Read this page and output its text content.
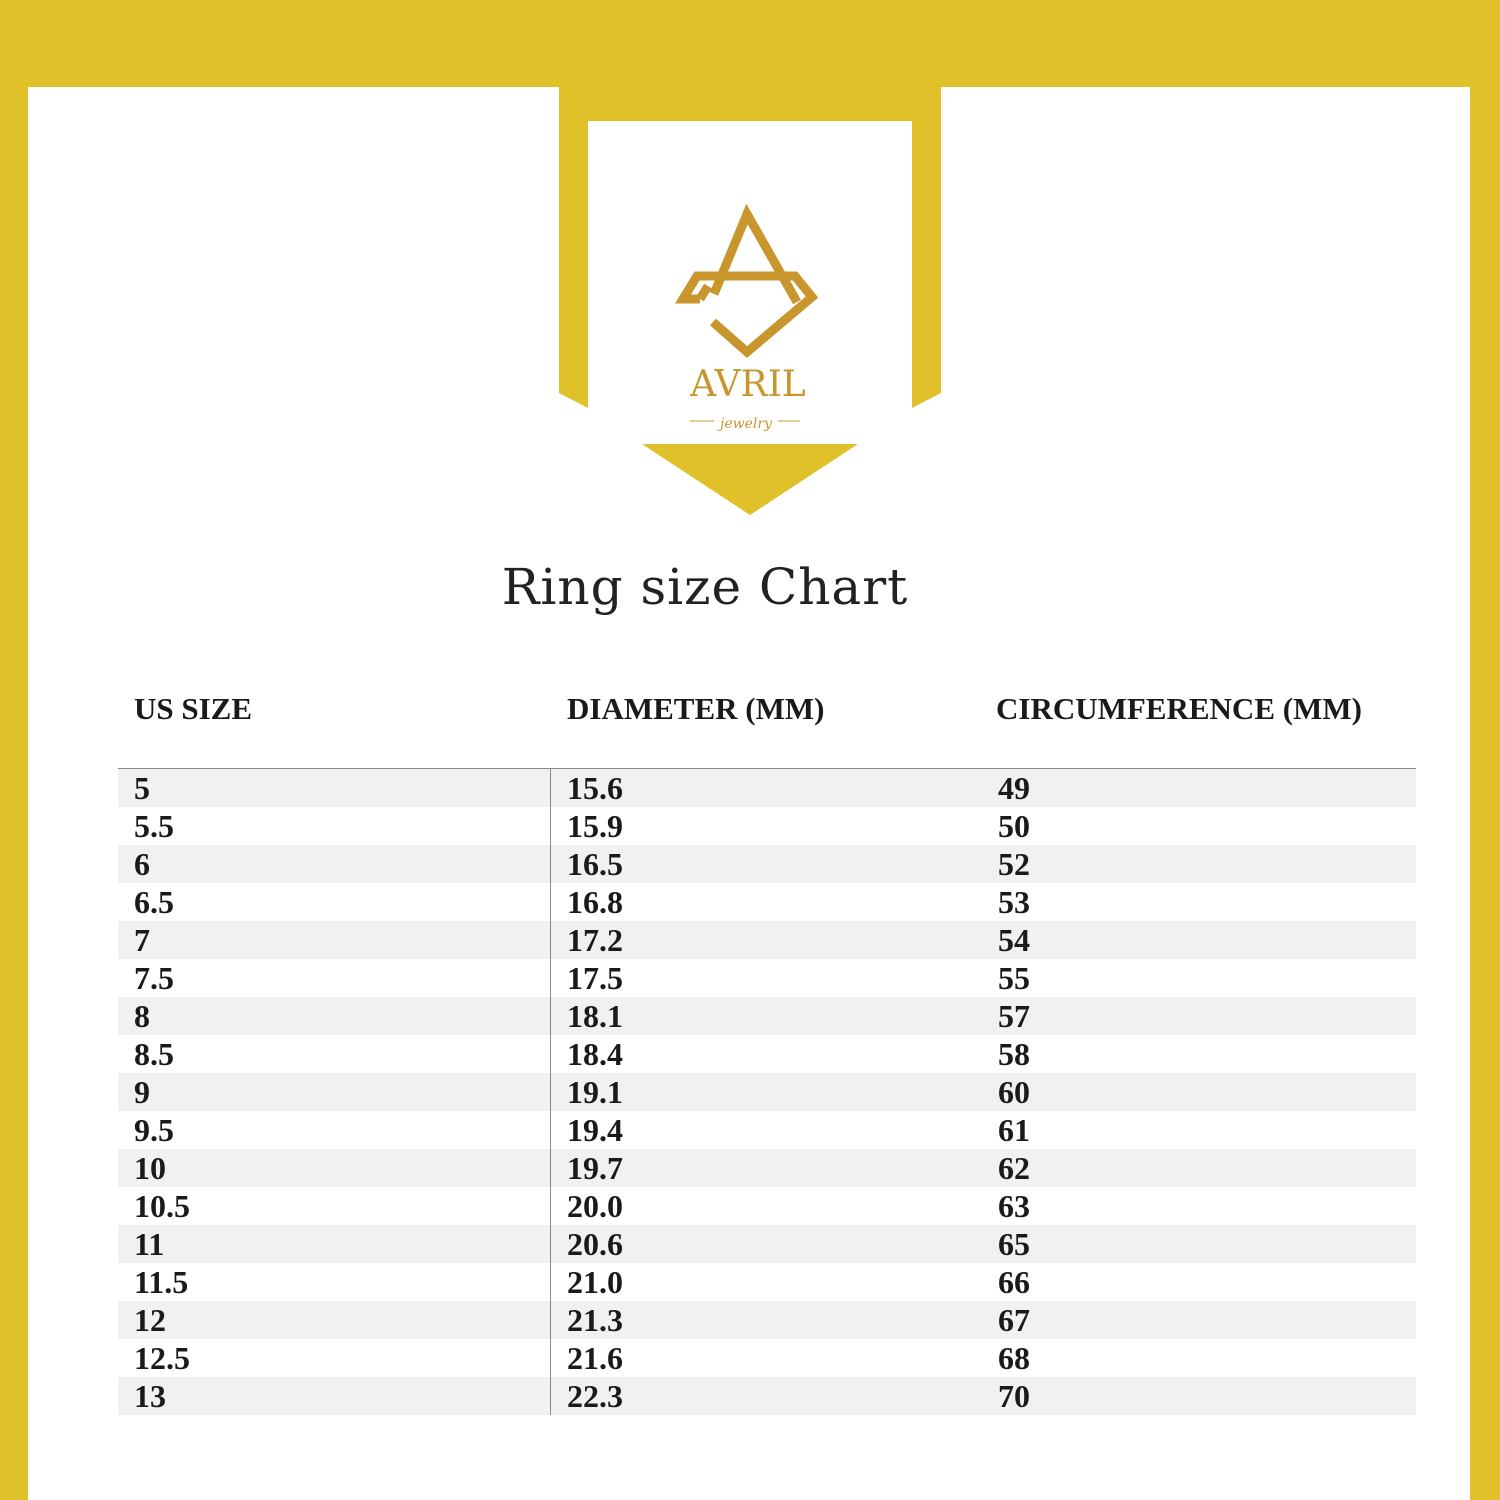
AVRIL
jewelry
Ring size Chart
US SIZE	DIAMETER (MM)	CIRCUMFERENCE (MM)
5	15.6	49
5.5	15.9	50
6	16.5	52
6.5	16.8	53
7	17.2	54
7.5	17.5	55
8	18.1	57
8.5	18.4	58
9	19.1	60
9.5	19.4	61
10	19.7	62
10.5	20.0	63
11	20.6	65
11.5	21.0	66
12	21.3	67
12.5	21.6	68
13	22.3	70
